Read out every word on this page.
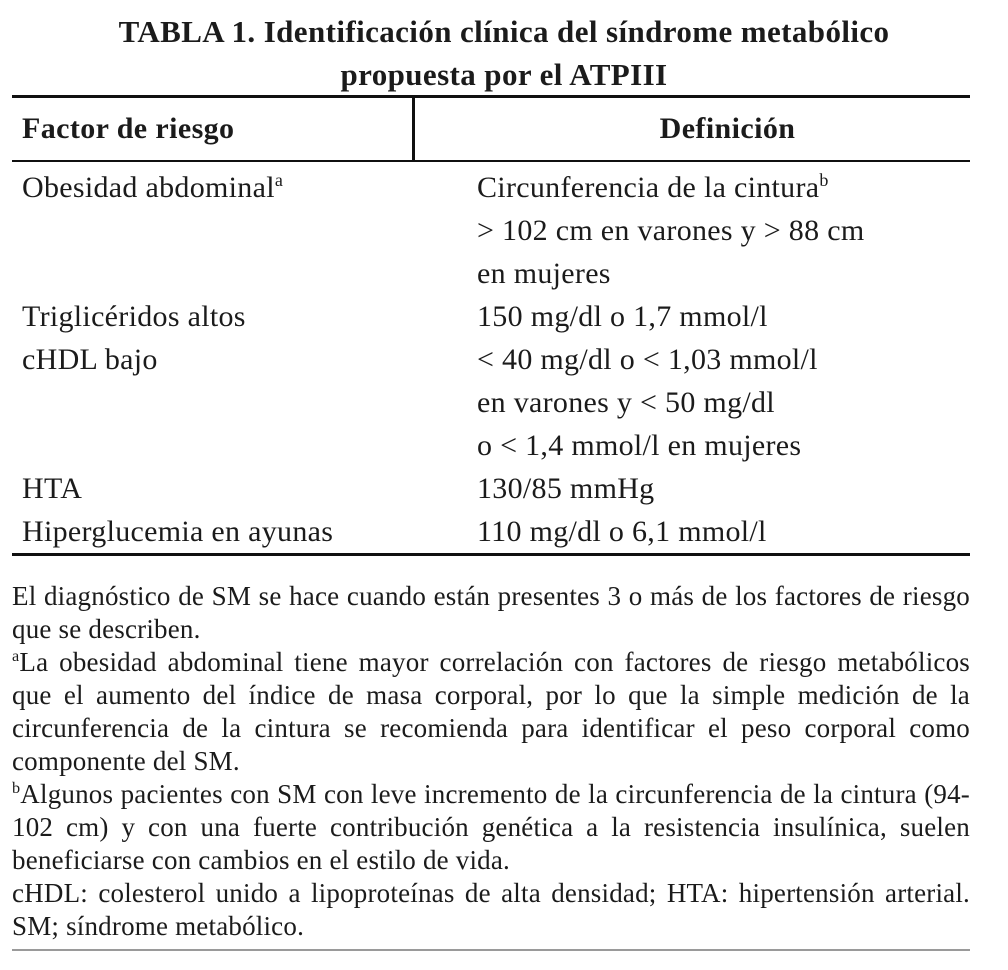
TABLA 1. Identificación clínica del síndrome metabólico
propuesta por el ATPIII
Factor de riesgo	Definición
Obesidad abdominal$^a$	Circunferencia de la cintura$^b$
> 102 cm en varones y > 88 cm
en mujeres
Triglicéridos altos	150 mg/dl o 1,7 mmol/l
cHDL bajo	< 40 mg/dl o < 1,03 mmol/l
en varones y < 50 mg/dl
o < 1,4 mmol/l en mujeres
HTA	130/85 mmHg
Hiperglucemia en ayunas	110 mg/dl o 6,1 mmol/l

El diagnóstico de SM se hace cuando están presentes 3 o más de los factores de riesgo que se describen.

$^a$La obesidad abdominal tiene mayor correlación con factores de riesgo metabólicos que el aumento del índice de masa corporal, por lo que la simple medición de la circunferencia de la cintura se recomienda para identificar el peso corporal como componente del SM.

$^b$Algunos pacientes con SM con leve incremento de la circunferencia de la cintura (94-102 cm) y con una fuerte contribución genética a la resistencia insulínica, suelen beneficiarse con cambios en el estilo de vida.

cHDL: colesterol unido a lipoproteínas de alta densidad; HTA: hipertensión arterial. SM; síndrome metabólico.
